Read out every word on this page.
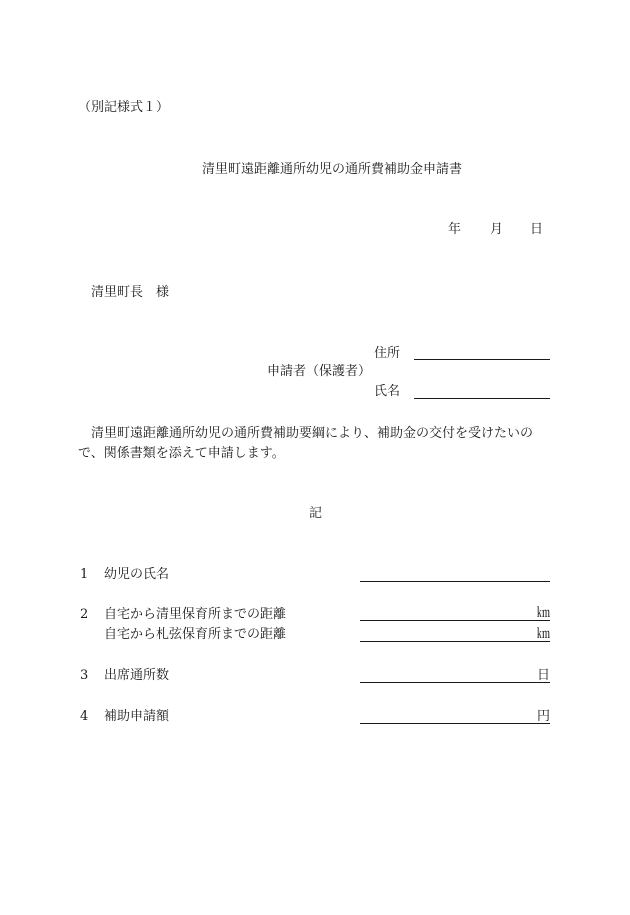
（別記様式１）
清里町遠距離通所幼児の通所費補助金申請書
年 月 日
清里町長　様
住所
申請者（保護者）
氏名
清里町遠距離通所幼児の通所費補助要綱により、補助金の交付を受けたいの
で、関係書類を添えて申請します。
記
1 幼児の氏名
2 自宅から清里保育所までの距離	㎞
自宅から札弦保育所までの距離	㎞
3 出席通所数	日
4 補助申請額	円
